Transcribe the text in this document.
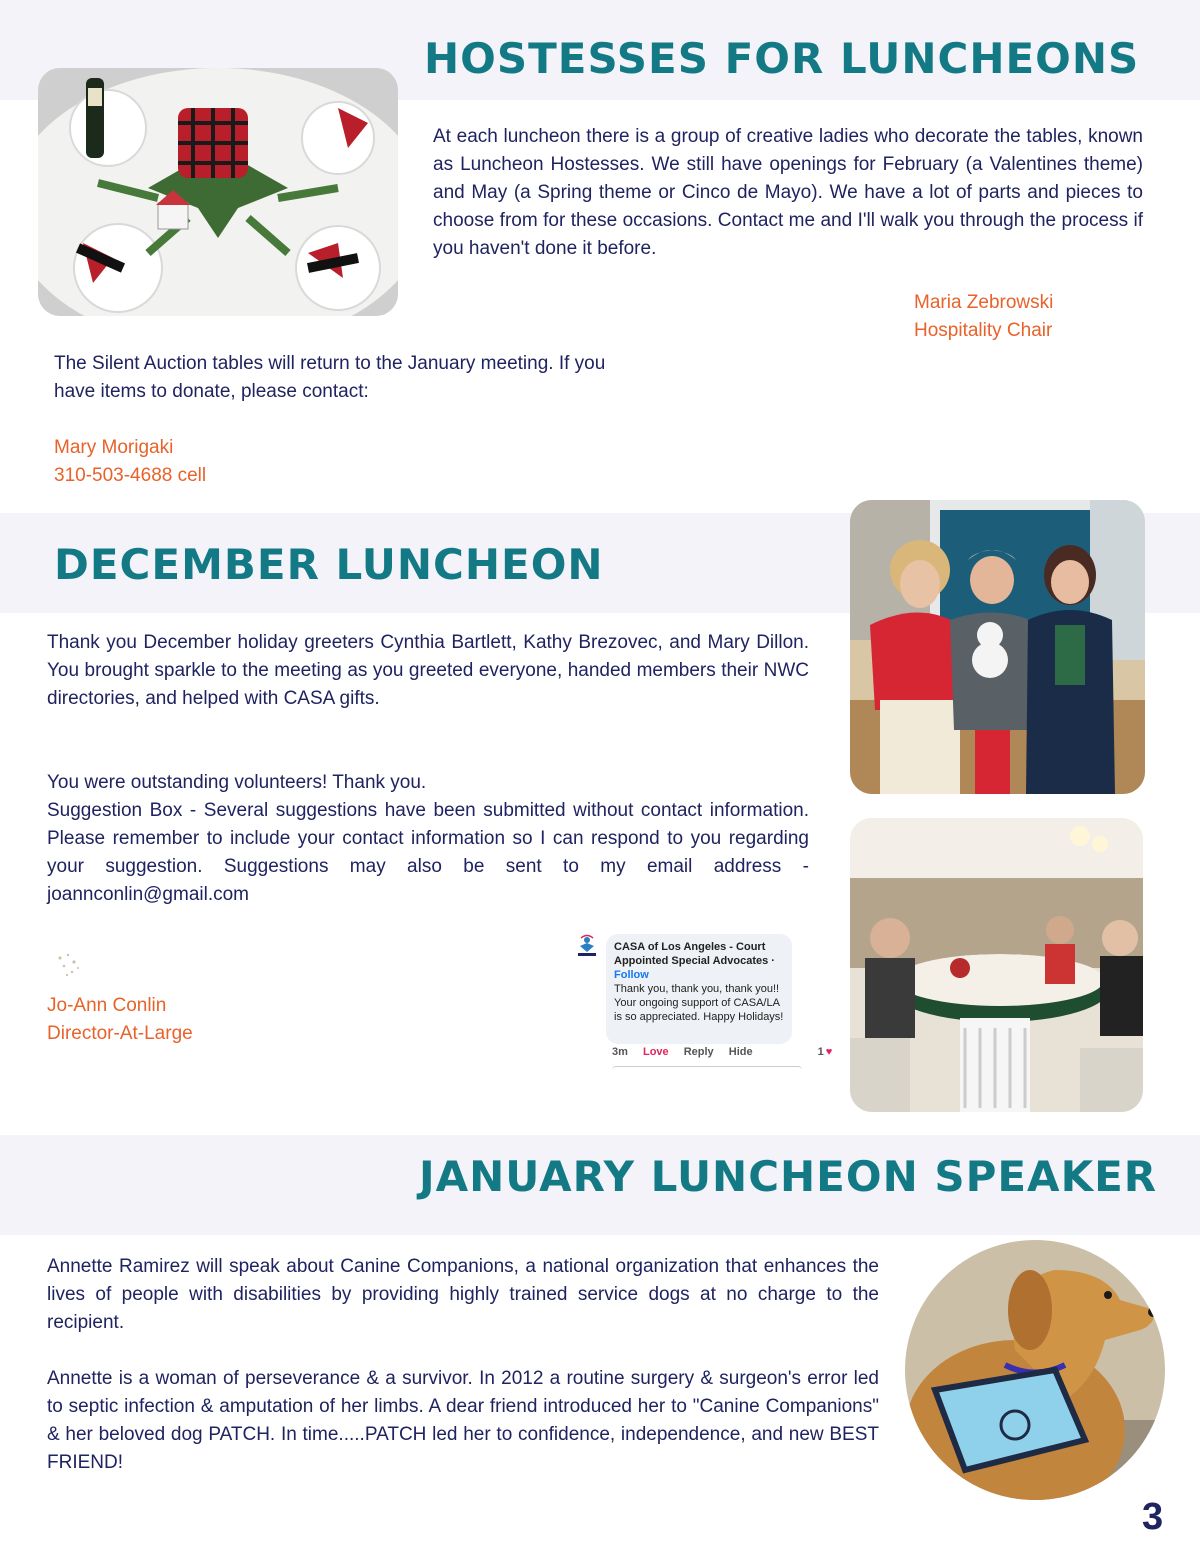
HOSTESSES FOR LUNCHEONS

At each luncheon there is a group of creative ladies who decorate the tables, known as Luncheon Hostesses. We still have openings for February (a Valentines theme) and May (a Spring theme or Cinco de Mayo). We have a lot of parts and pieces to choose from for these occasions. Contact me and I'll walk you through the process if you haven't done it before.

Maria Zebrowski

Hospitality Chair

The Silent Auction tables will return to the January meeting. If you

have items to donate, please contact:

Mary Morigaki

310-503-4688 cell

DECEMBER LUNCHEON

Thank you December holiday greeters Cynthia Bartlett, Kathy Brezovec, and Mary Dillon. You brought sparkle to the meeting as you greeted everyone, handed members their NWC directories, and helped with CASA gifts.

You were outstanding volunteers! Thank you.

Suggestion Box - Several suggestions have been submitted without contact information. Please remember to include your contact information so I can respond to you regarding your suggestion. Suggestions may also be sent to my email address - joannconlin@gmail.com

Jo-Ann Conlin

Director-At-Large

CASA of Los Angeles - Court Appointed Special Advocates ·
Follow
Thank you, thank you, thank you!! Your ongoing support of CASA/LA is so appreciated. Happy Holidays!
3m Love Reply Hide	1 ♥
JANUARY LUNCHEON SPEAKER

Annette Ramirez will speak about Canine Companions, a national organization that enhances the lives of people with disabilities by providing highly trained service dogs at no charge to the recipient.

Annette is a woman of perseverance & a survivor. In 2012 a routine surgery & surgeon's error led to septic infection & amputation of her limbs. A dear friend introduced her to "Canine Companions" & her beloved dog PATCH. In time.....PATCH led her to confidence, independence, and new BEST FRIEND!

3
